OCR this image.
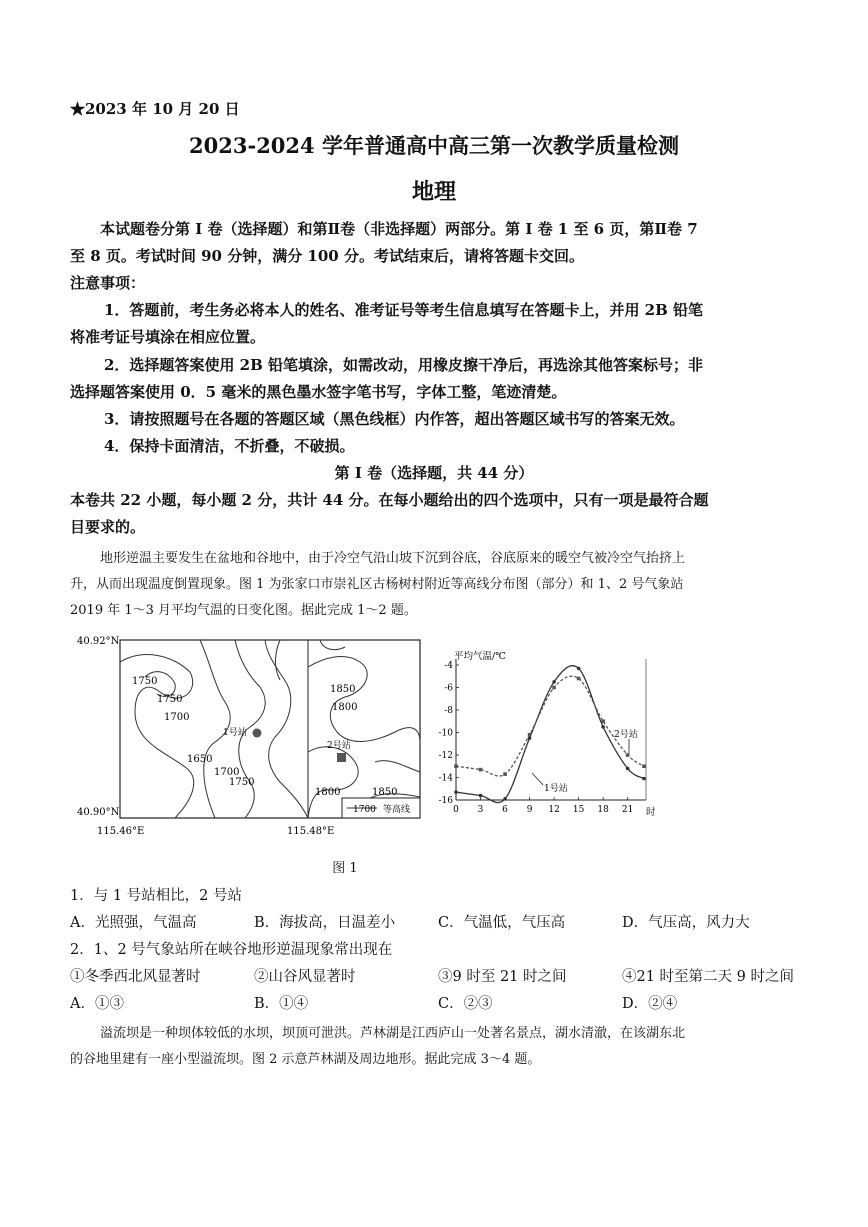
★2023 年 10 月 20 日
2023-2024 学年普通高中高三第一次教学质量检测
地理
本试题卷分第 I 卷（选择题）和第Ⅱ卷（非选择题）两部分。第 I 卷 1 至 6 页，第Ⅱ卷 7
至 8 页。考试时间 90 分钟，满分 100 分。考试结束后，请将答题卡交回。
注意事项：
1．答题前，考生务必将本人的姓名、准考证号等考生信息填写在答题卡上，并用 2B 铅笔
将准考证号填涂在相应位置。
2．选择题答案使用 2B 铅笔填涂，如需改动，用橡皮擦干净后，再选涂其他答案标号；非
选择题答案使用 0．5 毫米的黑色墨水签字笔书写，字体工整，笔迹清楚。
3．请按照题号在各题的答题区域（黑色线框）内作答，超出答题区域书写的答案无效。
4．保持卡面清洁，不折叠，不破损。
第 I 卷（选择题，共 44 分）
本卷共 22 小题，每小题 2 分，共计 44 分。在每小题给出的四个选项中，只有一项是最符合题
目要求的。
地形逆温主要发生在盆地和谷地中，由于冷空气沿山坡下沉到谷底，谷底原来的暖空气被冷空气抬挤上
升，从而出现温度倒置现象。图 1 为张家口市崇礼区古杨树村附近等高线分布图（部分）和 1、2 号气象站
2019 年 1～3 月平均气温的日变化图。据此完成 1～2 题。
40.92°N
40.90°N
115.46°E	115.48°E
1750
1750
1700
1650
1700
1750
1850
1800
1800	1850
1号站
2号站
1700 等高线
平均气温/℃
时
-4
-6
-8
-10
-12
-14
-16
0 3 6 9 12 15 18 21
1号站
2号站
图 1
1．与 1 号站相比，2 号站
A．光照强，气温高	B．海拔高，日温差小	C．气温低，气压高	D．气压高，风力大
2．1、2 号气象站所在峡谷地形逆温现象常出现在
①冬季西北风显著时	②山谷风显著时	③9 时至 21 时之间	④21 时至第二天 9 时之间
A．①③	B．①④	C．②③	D．②④
溢流坝是一种坝体较低的水坝，坝顶可泄洪。芦林湖是江西庐山一处著名景点，湖水清澈，在该湖东北
的谷地里建有一座小型溢流坝。图 2 示意芦林湖及周边地形。据此完成 3～4 题。
